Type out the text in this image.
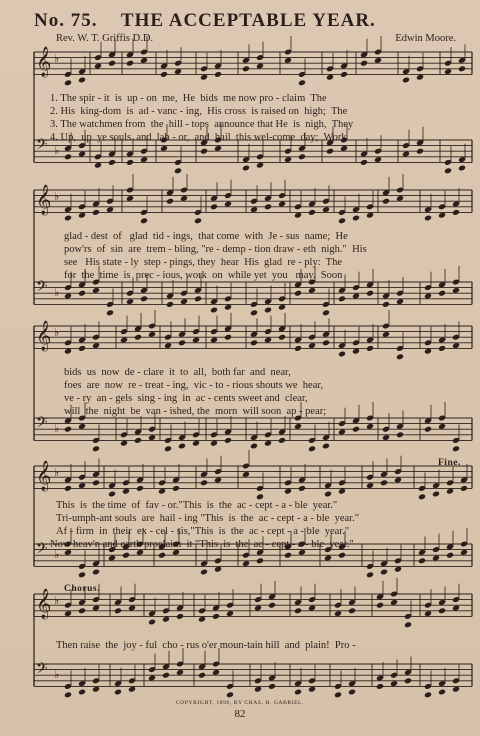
𝄞 ♭
𝄢 ♭
𝄞 ♭
𝄢 ♭
𝄞 ♭
𝄢 ♭
𝄞 ♭
𝄢 ♭
𝄞 ♭
𝄢 ♭
No. 75. THE ACCEPTABLE YEAR.
Rev. W. T. Griffis D.D.	Edwin Moore.
1. The spir - it  is  up - on  me,  He  bids  me now pro - claim  The
2. His  king-dom  is  ad - vanc - ing,  His cross  is raised on  high;  The
3. The watchmen from  the  hill - tops  announce that He  is  nigh,  They
4. Up,  up  ye souls  and  lab - or,  and  hail  this wel-come  day;  Work
glad - dest  of   glad  tid - ings,  that come  with  Je - sus  name;  He
pow'rs  of  sin  are  trem - bling, "re - demp - tion draw - eth  nigh."  His
see   His state - ly  step - pings, they  hear  His  glad  re - ply:  The
for  the  time  is  prec - ious, work  on  while yet  you   may.  Soon
bids  us  now  de - clare  it  to  all,  both far  and  near,
foes  are  now  re - treat - ing,  vic - to - rious shouts we  hear,
ve - ry  an - gels  sing - ing  in  ac - cents sweet and  clear,
will  the  night  be  van - ished, the  morn  will soon  ap - pear;
Fine.
This  is  the time  of  fav - or."This  is  the  ac - cept - a - ble  year."
Tri-umph-ant souls  are  hail - ing "This  is  the  ac - cept - a - ble  year."
Af - firm  in  their  ex - cel - sis,"This  is  the  ac - cept - a - ble  year."
Now heav'n and earth proclaim  it "This  is  the  ac - cept - a - ble  year."
Chorus.
Then raise  the  joy - ful  cho - rus o'er moun-tain hill  and  plain!  Pro -
COPYRIGHT, 1890, BY CHAS. H. GABRIEL.
82
